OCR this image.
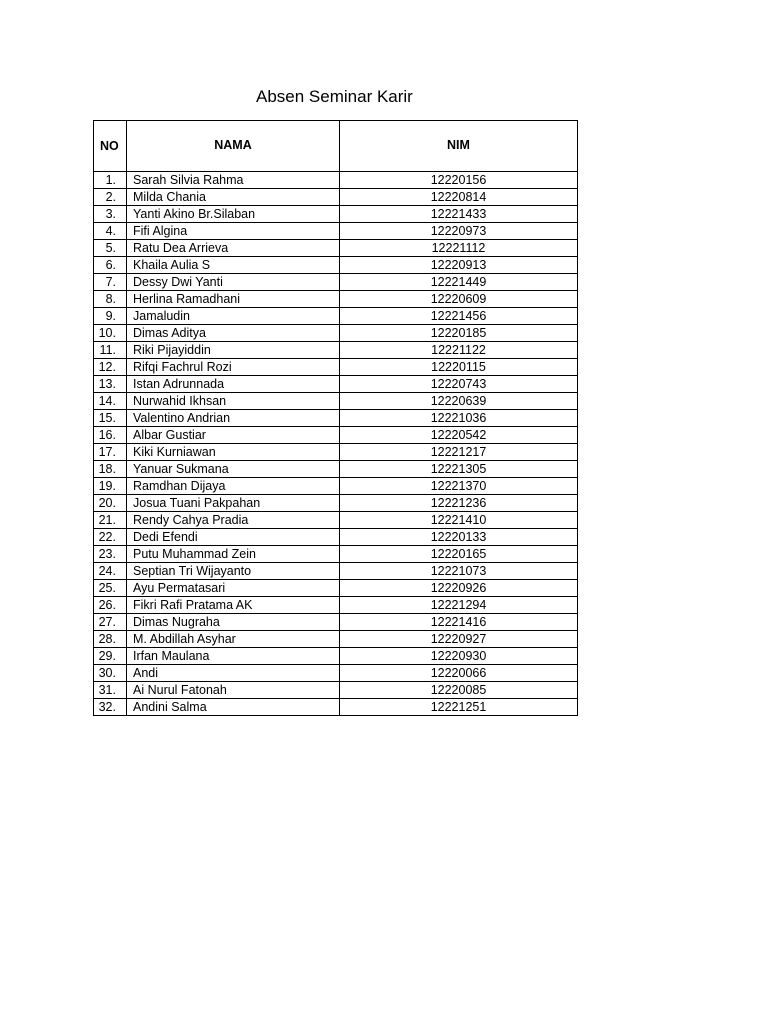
Absen Seminar Karir
NO	NAMA	NIM
1.	Sarah Silvia Rahma	12220156
2.	Milda Chania	12220814
3.	Yanti Akino Br.Silaban	12221433
4.	Fifi Algina	12220973
5.	Ratu Dea Arrieva	12221112
6.	Khaila Aulia S	12220913
7.	Dessy Dwi Yanti	12221449
8.	Herlina Ramadhani	12220609
9.	Jamaludin	12221456
10.	Dimas Aditya	12220185
11.	Riki Pijayiddin	12221122
12.	Rifqi Fachrul Rozi	12220115
13.	Istan Adrunnada	12220743
14.	Nurwahid Ikhsan	12220639
15.	Valentino Andrian	12221036
16.	Albar Gustiar	12220542
17.	Kiki Kurniawan	12221217
18.	Yanuar Sukmana	12221305
19.	Ramdhan Dijaya	12221370
20.	Josua Tuani Pakpahan	12221236
21.	Rendy Cahya Pradia	12221410
22.	Dedi Efendi	12220133
23.	Putu Muhammad Zein	12220165
24.	Septian Tri Wijayanto	12221073
25.	Ayu Permatasari	12220926
26.	Fikri Rafi Pratama AK	12221294
27.	Dimas Nugraha	12221416
28.	M. Abdillah Asyhar	12220927
29.	Irfan Maulana	12220930
30.	Andi	12220066
31.	Ai Nurul Fatonah	12220085
32.	Andini Salma	12221251
